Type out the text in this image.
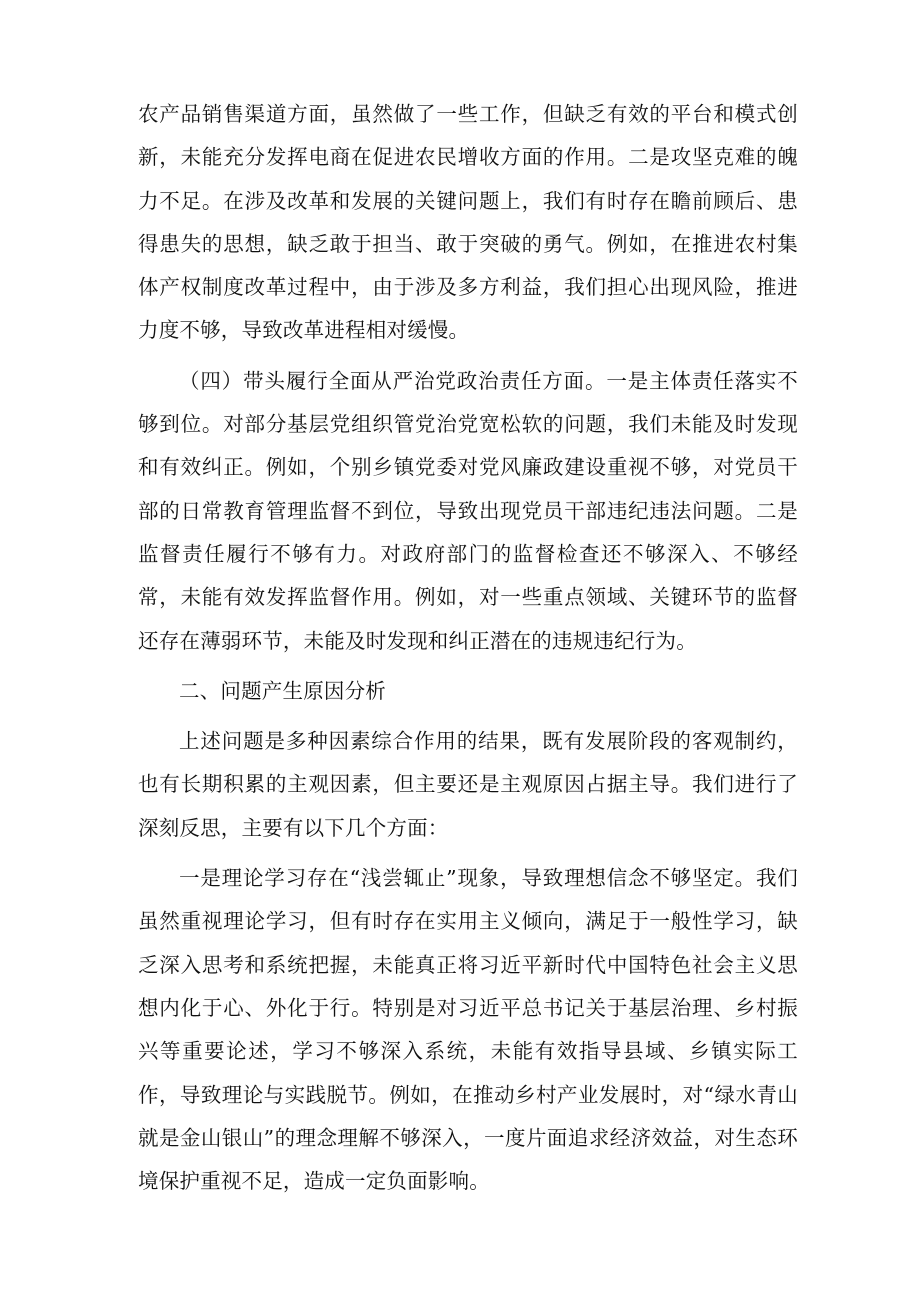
农产品销售渠道方面，虽然做了一些工作，但缺乏有效的平台和模式创新，未能充分发挥电商在促进农民增收方面的作用。二是攻坚克难的魄力不足。在涉及改革和发展的关键问题上，我们有时存在瞻前顾后、患得患失的思想，缺乏敢于担当、敢于突破的勇气。例如，在推进农村集体产权制度改革过程中，由于涉及多方利益，我们担心出现风险，推进力度不够，导致改革进程相对缓慢。

（四）带头履行全面从严治党政治责任方面。一是主体责任落实不够到位。对部分基层党组织管党治党宽松软的问题，我们未能及时发现和有效纠正。例如，个别乡镇党委对党风廉政建设重视不够，对党员干部的日常教育管理监督不到位，导致出现党员干部违纪违法问题。二是监督责任履行不够有力。对政府部门的监督检查还不够深入、不够经常，未能有效发挥监督作用。例如，对一些重点领域、关键环节的监督还存在薄弱环节，未能及时发现和纠正潜在的违规违纪行为。

二、问题产生原因分析

上述问题是多种因素综合作用的结果，既有发展阶段的客观制约，也有长期积累的主观因素，但主要还是主观原因占据主导。我们进行了深刻反思，主要有以下几个方面：

一是理论学习存在“浅尝辄止”现象，导致理想信念不够坚定。我们虽然重视理论学习，但有时存在实用主义倾向，满足于一般性学习，缺乏深入思考和系统把握，未能真正将习近平新时代中国特色社会主义思想内化于心、外化于行。特别是对习近平总书记关于基层治理、乡村振兴等重要论述，学习不够深入系统，未能有效指导县域、乡镇实际工作，导致理论与实践脱节。例如，在推动乡村产业发展时，对“绿水青山就是金山银山”的理念理解不够深入，一度片面追求经济效益，对生态环境保护重视不足，造成一定负面影响。
